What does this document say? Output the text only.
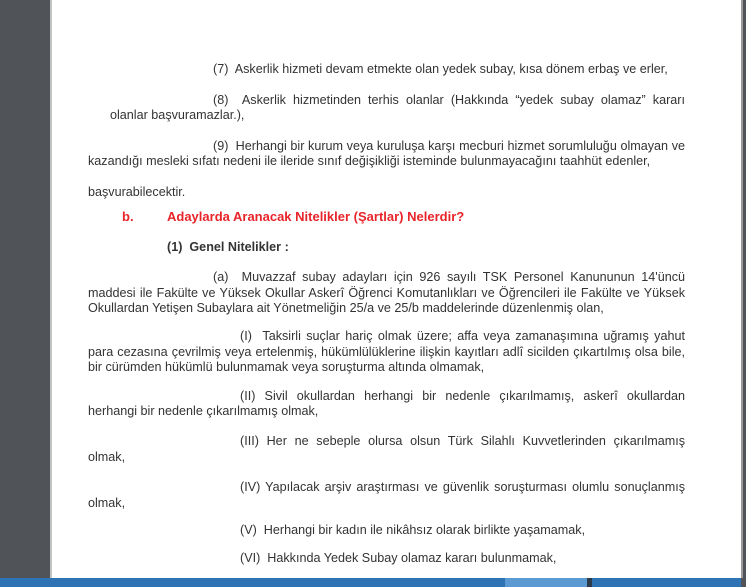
(7)  Askerlik hizmeti devam etmekte olan yedek subay, kısa dönem erbaş ve erler,

(8)  Askerlik hizmetinden terhis olanlar (Hakkında “yedek subay olamaz” kararı olanlar başvuramazlar.),

(9)  Herhangi bir kurum veya kuruluşa karşı mecburi hizmet sorumluluğu olmayan ve kazandığı mesleki sıfatı nedeni ile ileride sınıf değişikliği isteminde bulunmayacağını taahhüt edenler,

başvurabilecektir.

b.	Adaylarda Aranacak Nitelikler (Şartlar) Nelerdir?

(1)  Genel Nitelikler :

(a)  Muvazzaf subay adayları için 926 sayılı TSK Personel Kanununun 14'üncü maddesi ile Fakülte ve Yüksek Okullar Askerî Öğrenci Komutanlıkları ve Öğrencileri ile Fakülte ve Yüksek Okullardan Yetişen Subaylara ait Yönetmeliğin 25/a ve 25/b maddelerinde düzenlenmiş olan,

(I)  Taksirli suçlar hariç olmak üzere; affa veya zamanaşımına uğramış yahut para cezasına çevrilmiş veya ertelenmiş, hükümlülüklerine ilişkin kayıtları adlî sicilden çıkartılmış olsa bile, bir cürümden hükümlü bulunmamak veya soruşturma altında olmamak,

(II) Sivil okullardan herhangi bir nedenle çıkarılmamış, askerî okullardan herhangi bir nedenle çıkarılmamış olmak,

(III) Her ne sebeple olursa olsun Türk Silahlı Kuvvetlerinden çıkarılmamış olmak,

(IV) Yapılacak arşiv araştırması ve güvenlik soruşturması olumlu sonuçlanmış olmak,

(V)  Herhangi bir kadın ile nikâhsız olarak birlikte yaşamamak,

(VI)  Hakkında Yedek Subay olamaz kararı bulunmamak,
